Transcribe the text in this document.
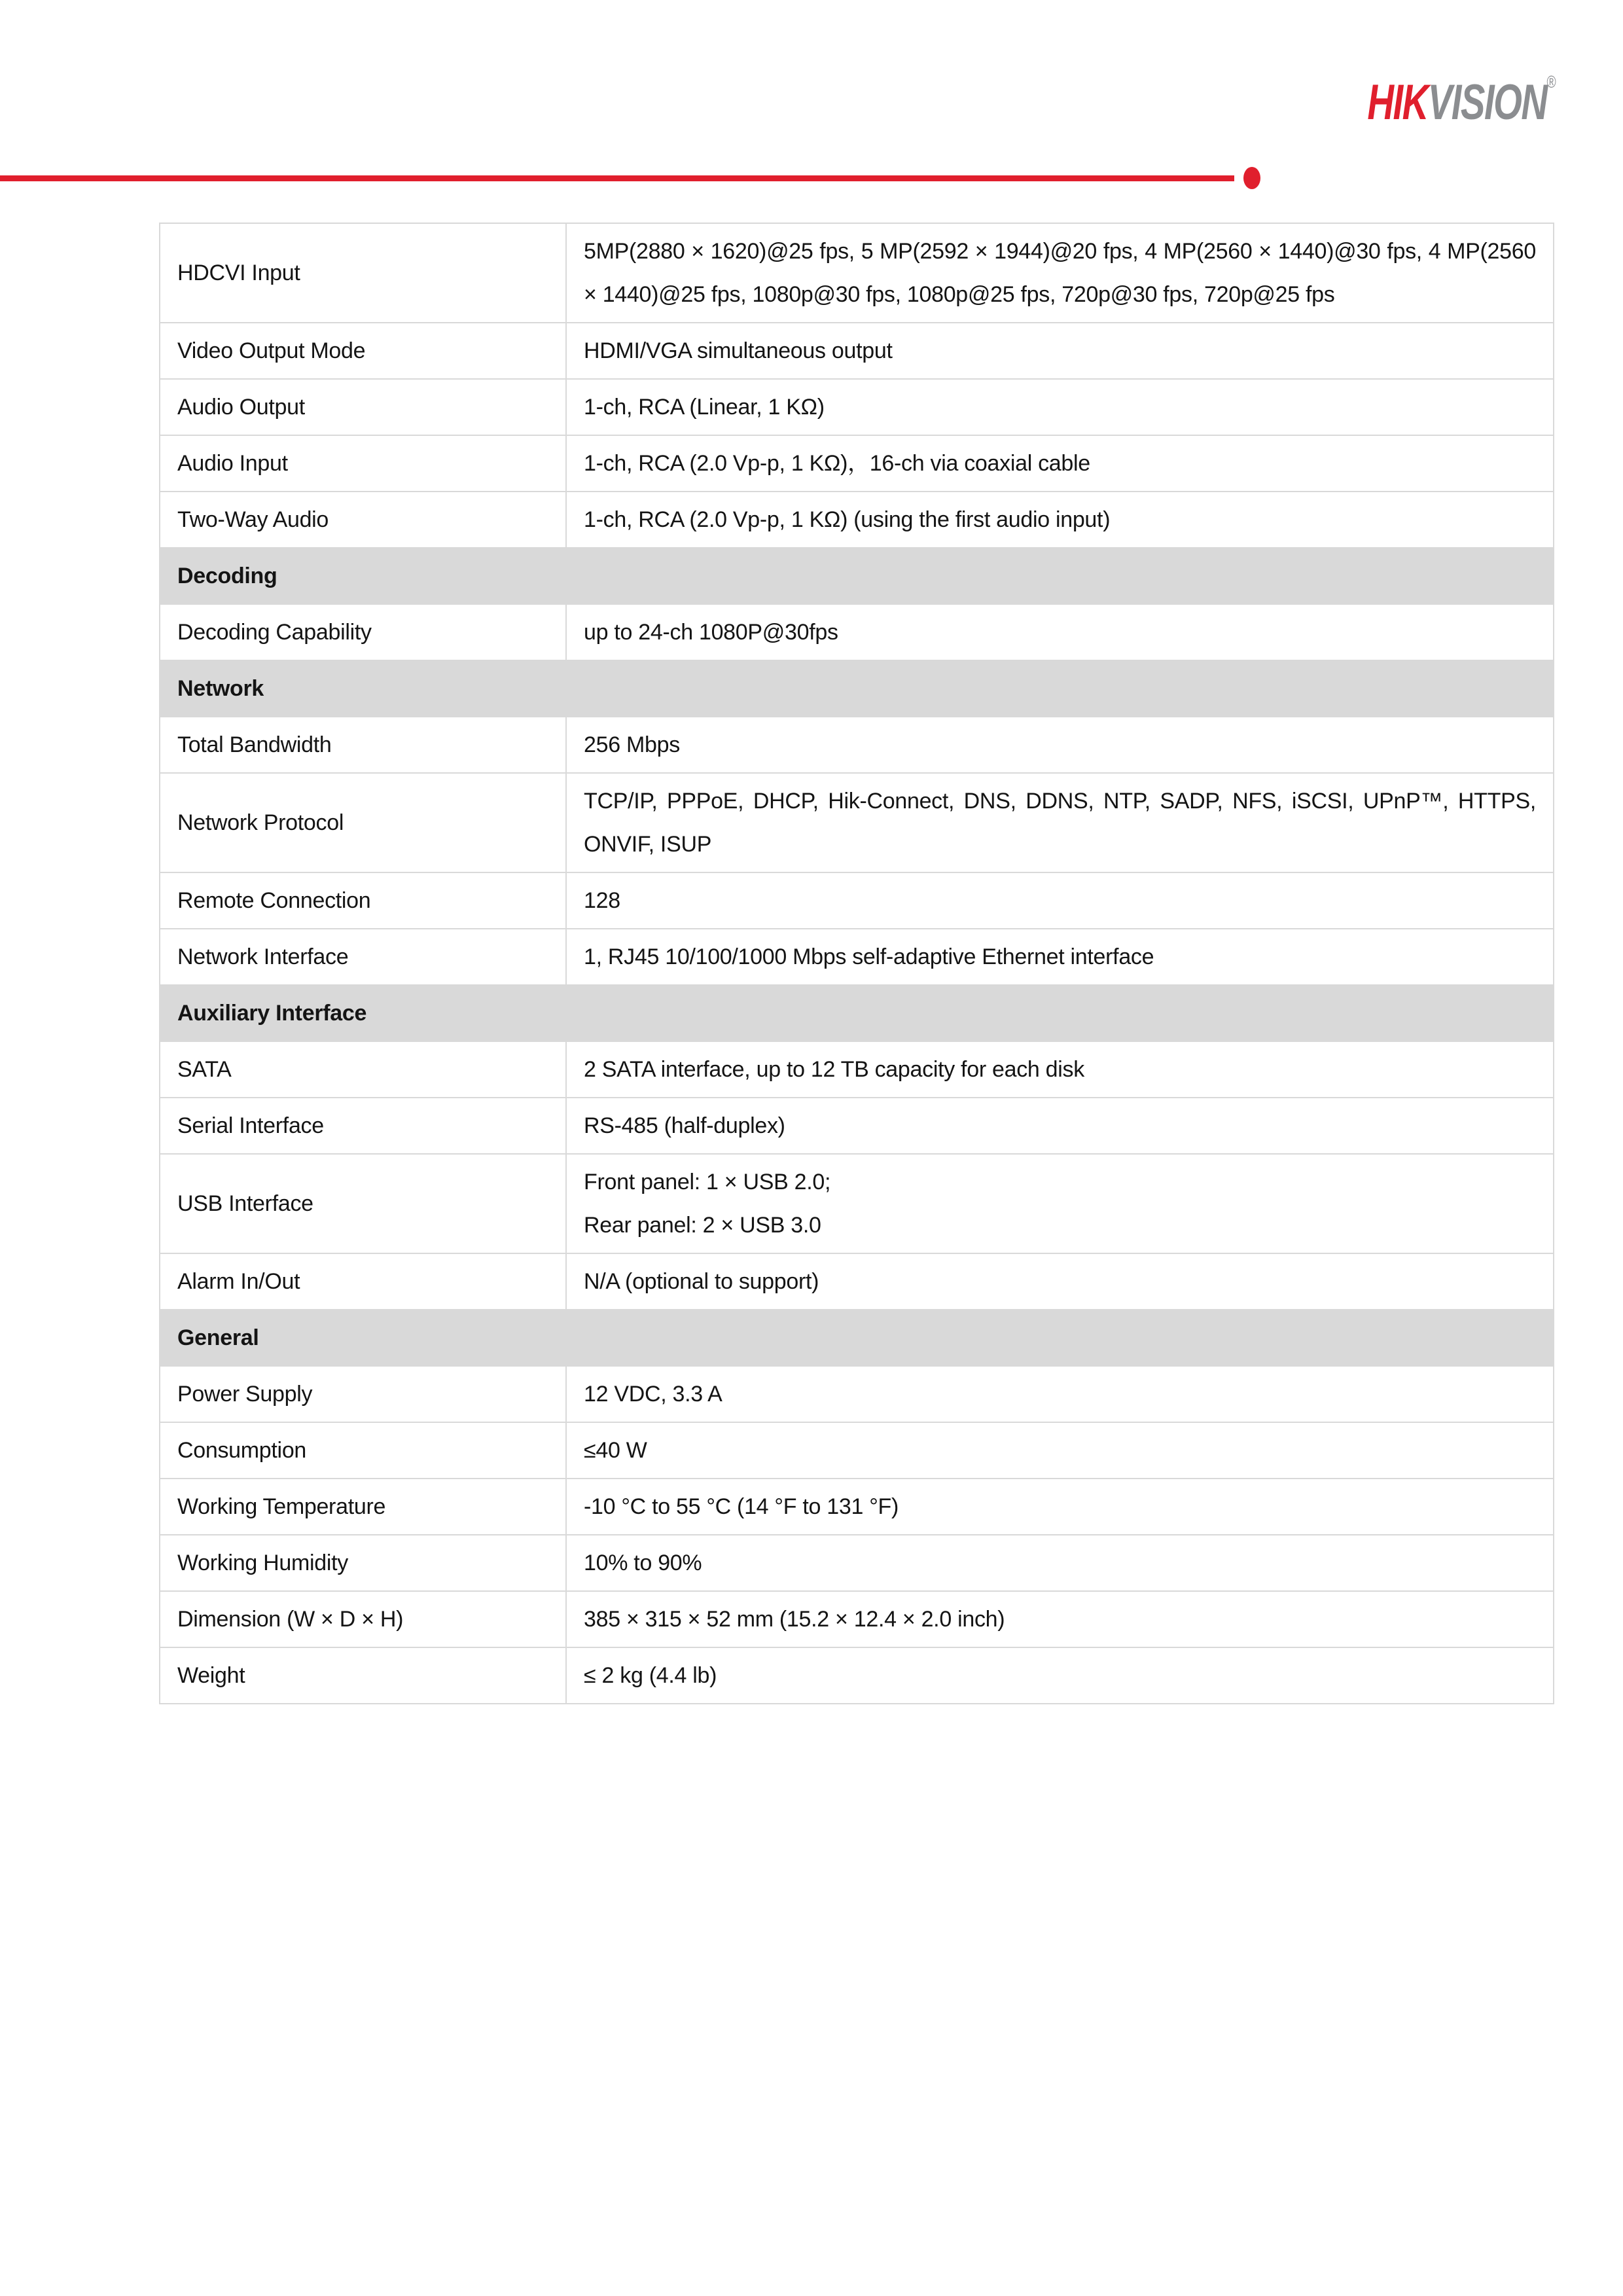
HIKVISION®
HDCVI Input	5MP(2880 × 1620)@25 fps, 5 MP(2592 × 1944)@20 fps, 4 MP(2560 × 1440)@30 fps, 4 MP(2560 × 1440)@25 fps, 1080p@30 fps, 1080p@25 fps, 720p@30 fps, 720p@25 fps

Video Output Mode	HDMI/VGA simultaneous output

Audio Output	1-ch, RCA (Linear, 1 KΩ)

Audio Input	1-ch, RCA (2.0 Vp-p, 1 KΩ)，16-ch via coaxial cable

Two-Way Audio	1-ch, RCA (2.0 Vp-p, 1 KΩ) (using the first audio input)

Decoding	
Decoding Capability	up to 24-ch 1080P@30fps

Network	
Total Bandwidth	256 Mbps

Network Protocol	TCP/IP, PPPoE, DHCP, Hik-Connect, DNS, DDNS, NTP, SADP, NFS, iSCSI, UPnP™, HTTPS, ONVIF, ISUP

Remote Connection	128

Network Interface	1, RJ45 10/100/1000 Mbps self-adaptive Ethernet interface

Auxiliary Interface	
SATA	2 SATA interface, up to 12 TB capacity for each disk

Serial Interface	RS-485 (half-duplex)

USB Interface	Front panel: 1 × USB 2.0;
Rear panel: 2 × USB 3.0

Alarm In/Out	N/A (optional to support)

General	
Power Supply	12 VDC, 3.3 A

Consumption	≤40 W

Working Temperature	-10 °C to 55 °C (14 °F to 131 °F)

Working Humidity	10% to 90%

Dimension (W × D × H)	385 × 315 × 52 mm (15.2 × 12.4 × 2.0 inch)

Weight	≤ 2 kg (4.4 lb)
